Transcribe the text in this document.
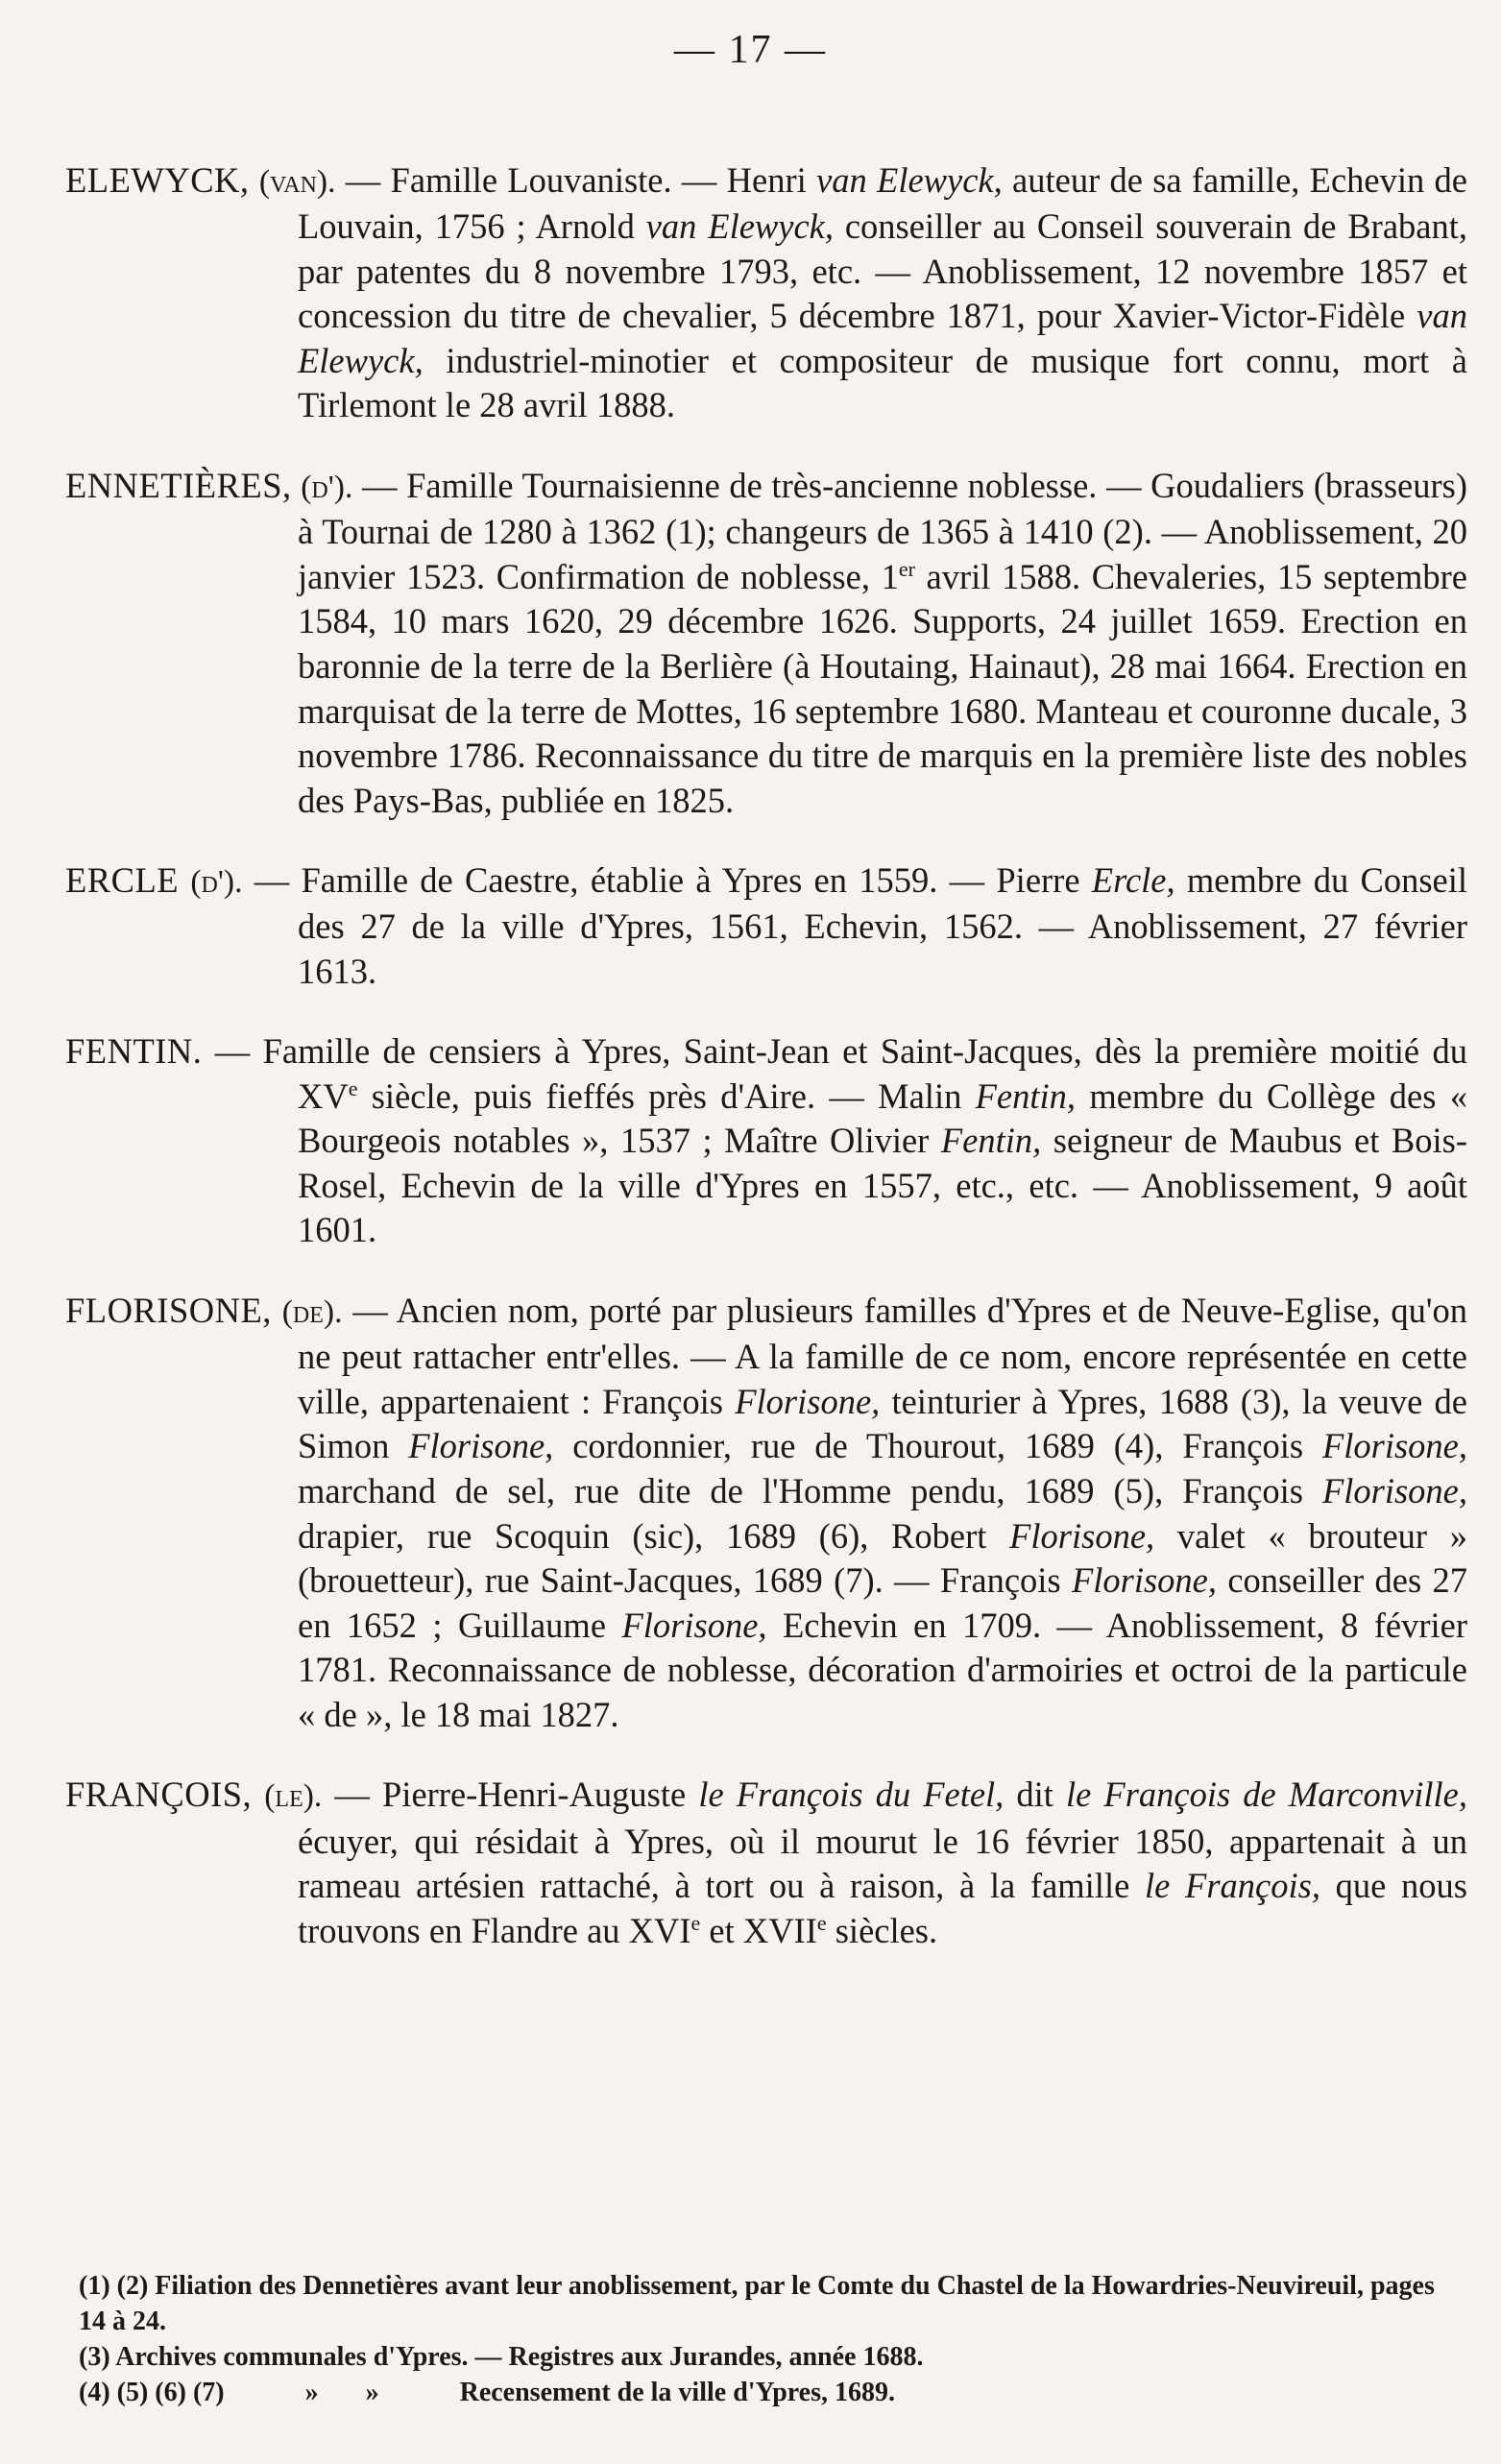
— 17 —

ELEWYCK, (van). — Famille Louvaniste. — Henri van Elewyck, auteur de sa famille, Echevin de Louvain, 1756 ; Arnold van Elewyck, conseiller au Conseil souverain de Brabant, par patentes du 8 novembre 1793, etc. — Anoblissement, 12 novembre 1857 et concession du titre de chevalier, 5 décembre 1871, pour Xavier-Victor-Fidèle van Elewyck, industriel-minotier et compositeur de musique fort connu, mort à Tirlemont le 28 avril 1888.

ENNETIÈRES, (d'). — Famille Tournaisienne de très-ancienne noblesse. — Goudaliers (brasseurs) à Tournai de 1280 à 1362 (1); changeurs de 1365 à 1410 (2). — Anoblissement, 20 janvier 1523. Confirmation de noblesse, 1er avril 1588. Chevaleries, 15 septembre 1584, 10 mars 1620, 29 décembre 1626. Supports, 24 juillet 1659. Erection en baronnie de la terre de la Berlière (à Houtaing, Hainaut), 28 mai 1664. Erection en marquisat de la terre de Mottes, 16 septembre 1680. Manteau et couronne ducale, 3 novembre 1786. Reconnaissance du titre de marquis en la première liste des nobles des Pays-Bas, publiée en 1825.

ERCLE (d'). — Famille de Caestre, établie à Ypres en 1559. — Pierre Ercle, membre du Conseil des 27 de la ville d'Ypres, 1561, Echevin, 1562. — Anoblissement, 27 février 1613.

FENTIN. — Famille de censiers à Ypres, Saint-Jean et Saint-Jacques, dès la première moitié du XVe siècle, puis fieffés près d'Aire. — Malin Fentin, membre du Collège des « Bourgeois notables », 1537 ; Maître Olivier Fentin, seigneur de Maubus et Bois-Rosel, Echevin de la ville d'Ypres en 1557, etc., etc. — Anoblissement, 9 août 1601.

FLORISONE, (de). — Ancien nom, porté par plusieurs familles d'Ypres et de Neuve-Eglise, qu'on ne peut rattacher entr'elles. — A la famille de ce nom, encore représentée en cette ville, appartenaient : François Florisone, teinturier à Ypres, 1688 (3), la veuve de Simon Florisone, cordonnier, rue de Thourout, 1689 (4), François Florisone, marchand de sel, rue dite de l'Homme pendu, 1689 (5), François Florisone, drapier, rue Scoquin (sic), 1689 (6), Robert Florisone, valet « brouteur » (brouetteur), rue Saint-Jacques, 1689 (7). — François Florisone, conseiller des 27 en 1652 ; Guillaume Florisone, Echevin en 1709. — Anoblissement, 8 février 1781. Reconnaissance de noblesse, décoration d'armoiries et octroi de la particule « de », le 18 mai 1827.

FRANÇOIS, (le). — Pierre-Henri-Auguste le François du Fetel, dit le François de Marconville, écuyer, qui résidait à Ypres, où il mourut le 16 février 1850, appartenait à un rameau artésien rattaché, à tort ou à raison, à la famille le François, que nous trouvons en Flandre au XVIe et XVIIe siècles.

(1) (2) Filiation des Dennetières avant leur anoblissement, par le Comte du Chastel de la Howardries-Neuvireuil, pages 14 à 24.

(3) Archives communales d'Ypres. — Registres aux Jurandes, année 1688.

(4) (5) (6) (7)	»       »	Recensement de la ville d'Ypres, 1689.
